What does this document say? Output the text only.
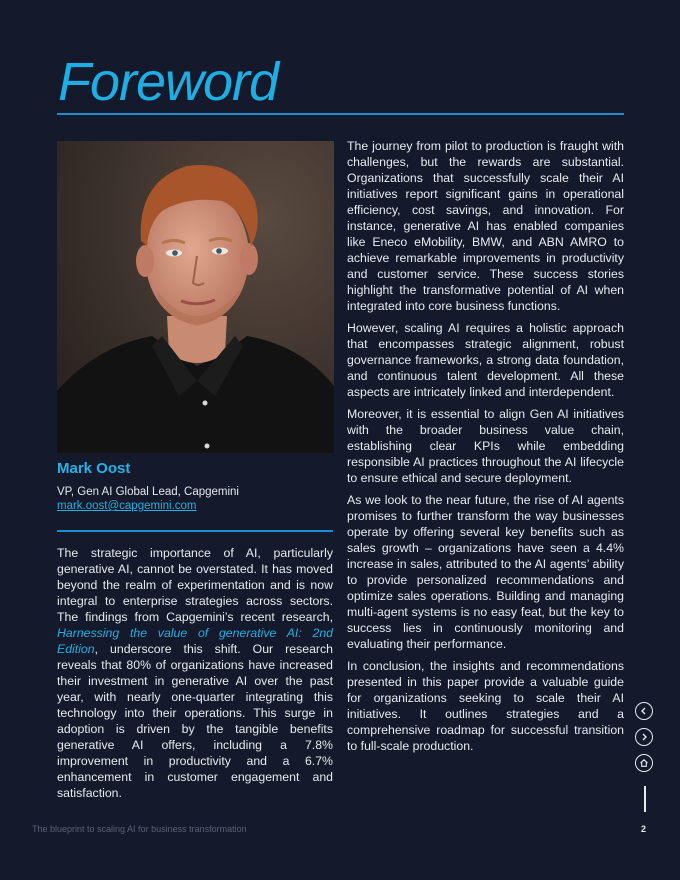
Foreword
Mark Oost
VP, Gen AI Global Lead, Capgemini
mark.oost@capgemini.com

The strategic importance of AI, particularly generative AI, cannot be overstated. It has moved beyond the realm of experimentation and is now integral to enterprise strategies across sectors. The findings from Capgemini’s recent research, Harnessing the value of generative AI: 2nd Edition, underscore this shift. Our research reveals that 80% of organizations have increased their investment in generative AI over the past year, with nearly one-quarter integrating this technology into their operations. This surge in adoption is driven by the tangible benefits generative AI offers, including a 7.8% improvement in productivity and a 6.7% enhancement in customer engagement and satisfaction.

The journey from pilot to production is fraught with challenges, but the rewards are substantial. Organizations that successfully scale their AI initiatives report significant gains in operational efficiency, cost savings, and innovation. For instance, generative AI has enabled companies like Eneco eMobility, BMW, and ABN AMRO to achieve remarkable improvements in productivity and customer service. These success stories highlight the transformative potential of AI when integrated into core business functions.

However, scaling AI requires a holistic approach that encompasses strategic alignment, robust governance frameworks, a strong data foundation, and continuous talent development. All these aspects are intricately linked and interdependent.

Moreover, it is essential to align Gen AI initiatives with the broader business value chain, establishing clear KPIs while embedding responsible AI practices throughout the AI lifecycle to ensure ethical and secure deployment.

As we look to the near future, the rise of AI agents promises to further transform the way businesses operate by offering several key benefits such as sales growth – organizations have seen a 4.4% increase in sales, attributed to the AI agents’ ability to provide personalized recommendations and optimize sales operations. Building and managing multi-agent systems is no easy feat, but the key to success lies in continuously monitoring and evaluating their performance.

In conclusion, the insights and recommendations presented in this paper provide a valuable guide for organizations seeking to scale their AI initiatives. It outlines strategies and a comprehensive roadmap for successful transition to full-scale production.

The blueprint to scaling AI for business transformation	2
